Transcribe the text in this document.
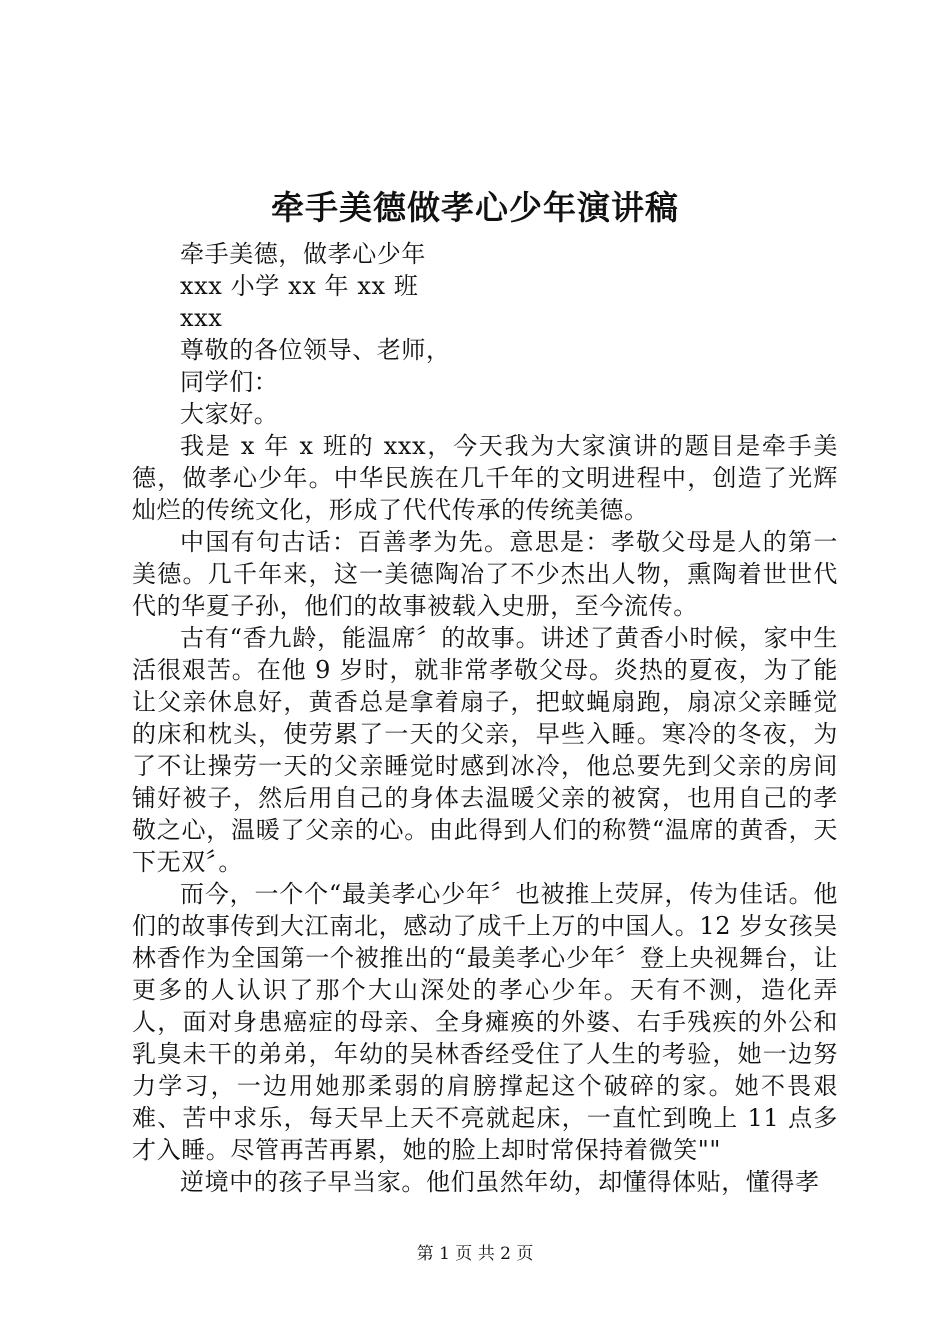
牵手美德做孝心少年演讲稿

牵手美德，做孝心少年

xxx 小学 xx 年 xx 班

xxx

尊敬的各位领导、老师，

同学们：

大家好。

我是 x 年 x 班的 xxx，今天我为大家演讲的题目是牵手美德，做孝心少年。中华民族在几千年的文明进程中，创造了光辉灿烂的传统文化，形成了代代传承的传统美德。

中国有句古话：百善孝为先。意思是：孝敬父母是人的第一美德。几千年来，这一美德陶冶了不少杰出人物，熏陶着世世代代的华夏子孙，他们的故事被载入史册，至今流传。

古有“香九龄，能温席〞的故事。讲述了黄香小时候，家中生活很艰苦。在他 9 岁时，就非常孝敬父母。炎热的夏夜，为了能让父亲休息好，黄香总是拿着扇子，把蚊蝇扇跑，扇凉父亲睡觉的床和枕头，使劳累了一天的父亲，早些入睡。寒冷的冬夜，为了不让操劳一天的父亲睡觉时感到冰冷，他总要先到父亲的房间铺好被子，然后用自己的身体去温暖父亲的被窝，也用自己的孝敬之心，温暖了父亲的心。由此得到人们的称赞“温席的黄香，天下无双〞。

而今，一个个“最美孝心少年〞也被推上荧屏，传为佳话。他们的故事传到大江南北，感动了成千上万的中国人。12 岁女孩吴林香作为全国第一个被推出的“最美孝心少年〞登上央视舞台，让更多的人认识了那个大山深处的孝心少年。天有不测，造化弄人，面对身患癌症的母亲、全身瘫痪的外婆、右手残疾的外公和乳臭未干的弟弟，年幼的吴林香经受住了人生的考验，她一边努力学习，一边用她那柔弱的肩膀撑起这个破碎的家。她不畏艰难、苦中求乐，每天早上天不亮就起床，一直忙到晚上 11 点多才入睡。尽管再苦再累，她的脸上却时常保持着微笑""

逆境中的孩子早当家。他们虽然年幼，却懂得体贴，懂得孝

第 1 页 共 2 页
